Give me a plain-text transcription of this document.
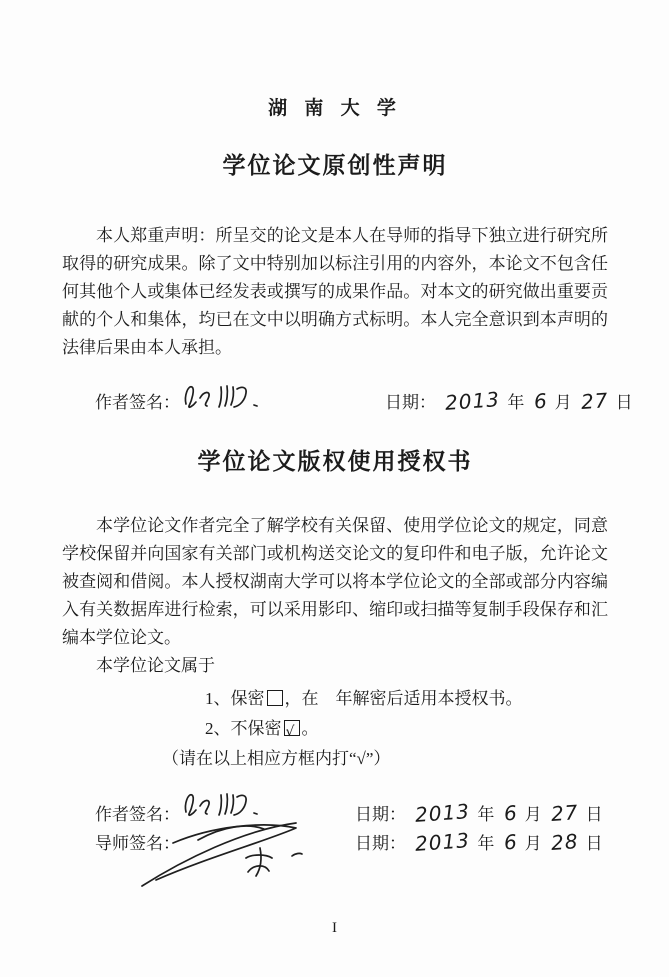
湖 南 大 学
学位论文原创性声明

本人郑重声明：所呈交的论文是本人在导师的指导下独立进行研究所取得的研究成果。除了文中特别加以标注引用的内容外，本论文不包含任何其他个人或集体已经发表或撰写的成果作品。对本文的研究做出重要贡献的个人和集体，均已在文中以明确方式标明。本人完全意识到本声明的法律后果由本人承担。

作者签名：	日期： 2013 年 6 月 27 日
学位论文版权使用授权书

本学位论文作者完全了解学校有关保留、使用学位论文的规定，同意学校保留并向国家有关部门或机构送交论文的复印件和电子版，允许论文被查阅和借阅。本人授权湖南大学可以将本学位论文的全部或部分内容编入有关数据库进行检索，可以采用影印、缩印或扫描等复制手段保存和汇编本学位论文。

本学位论文属于

1、保密 ，在　年解密后适用本授权书。
2、不保密 √ 。
（请在以上相应方框内打“√”）
作者签名：
导师签名：
日期： 2013 年 6 月 27 日
日期： 2013 年 6 月 28 日
I
